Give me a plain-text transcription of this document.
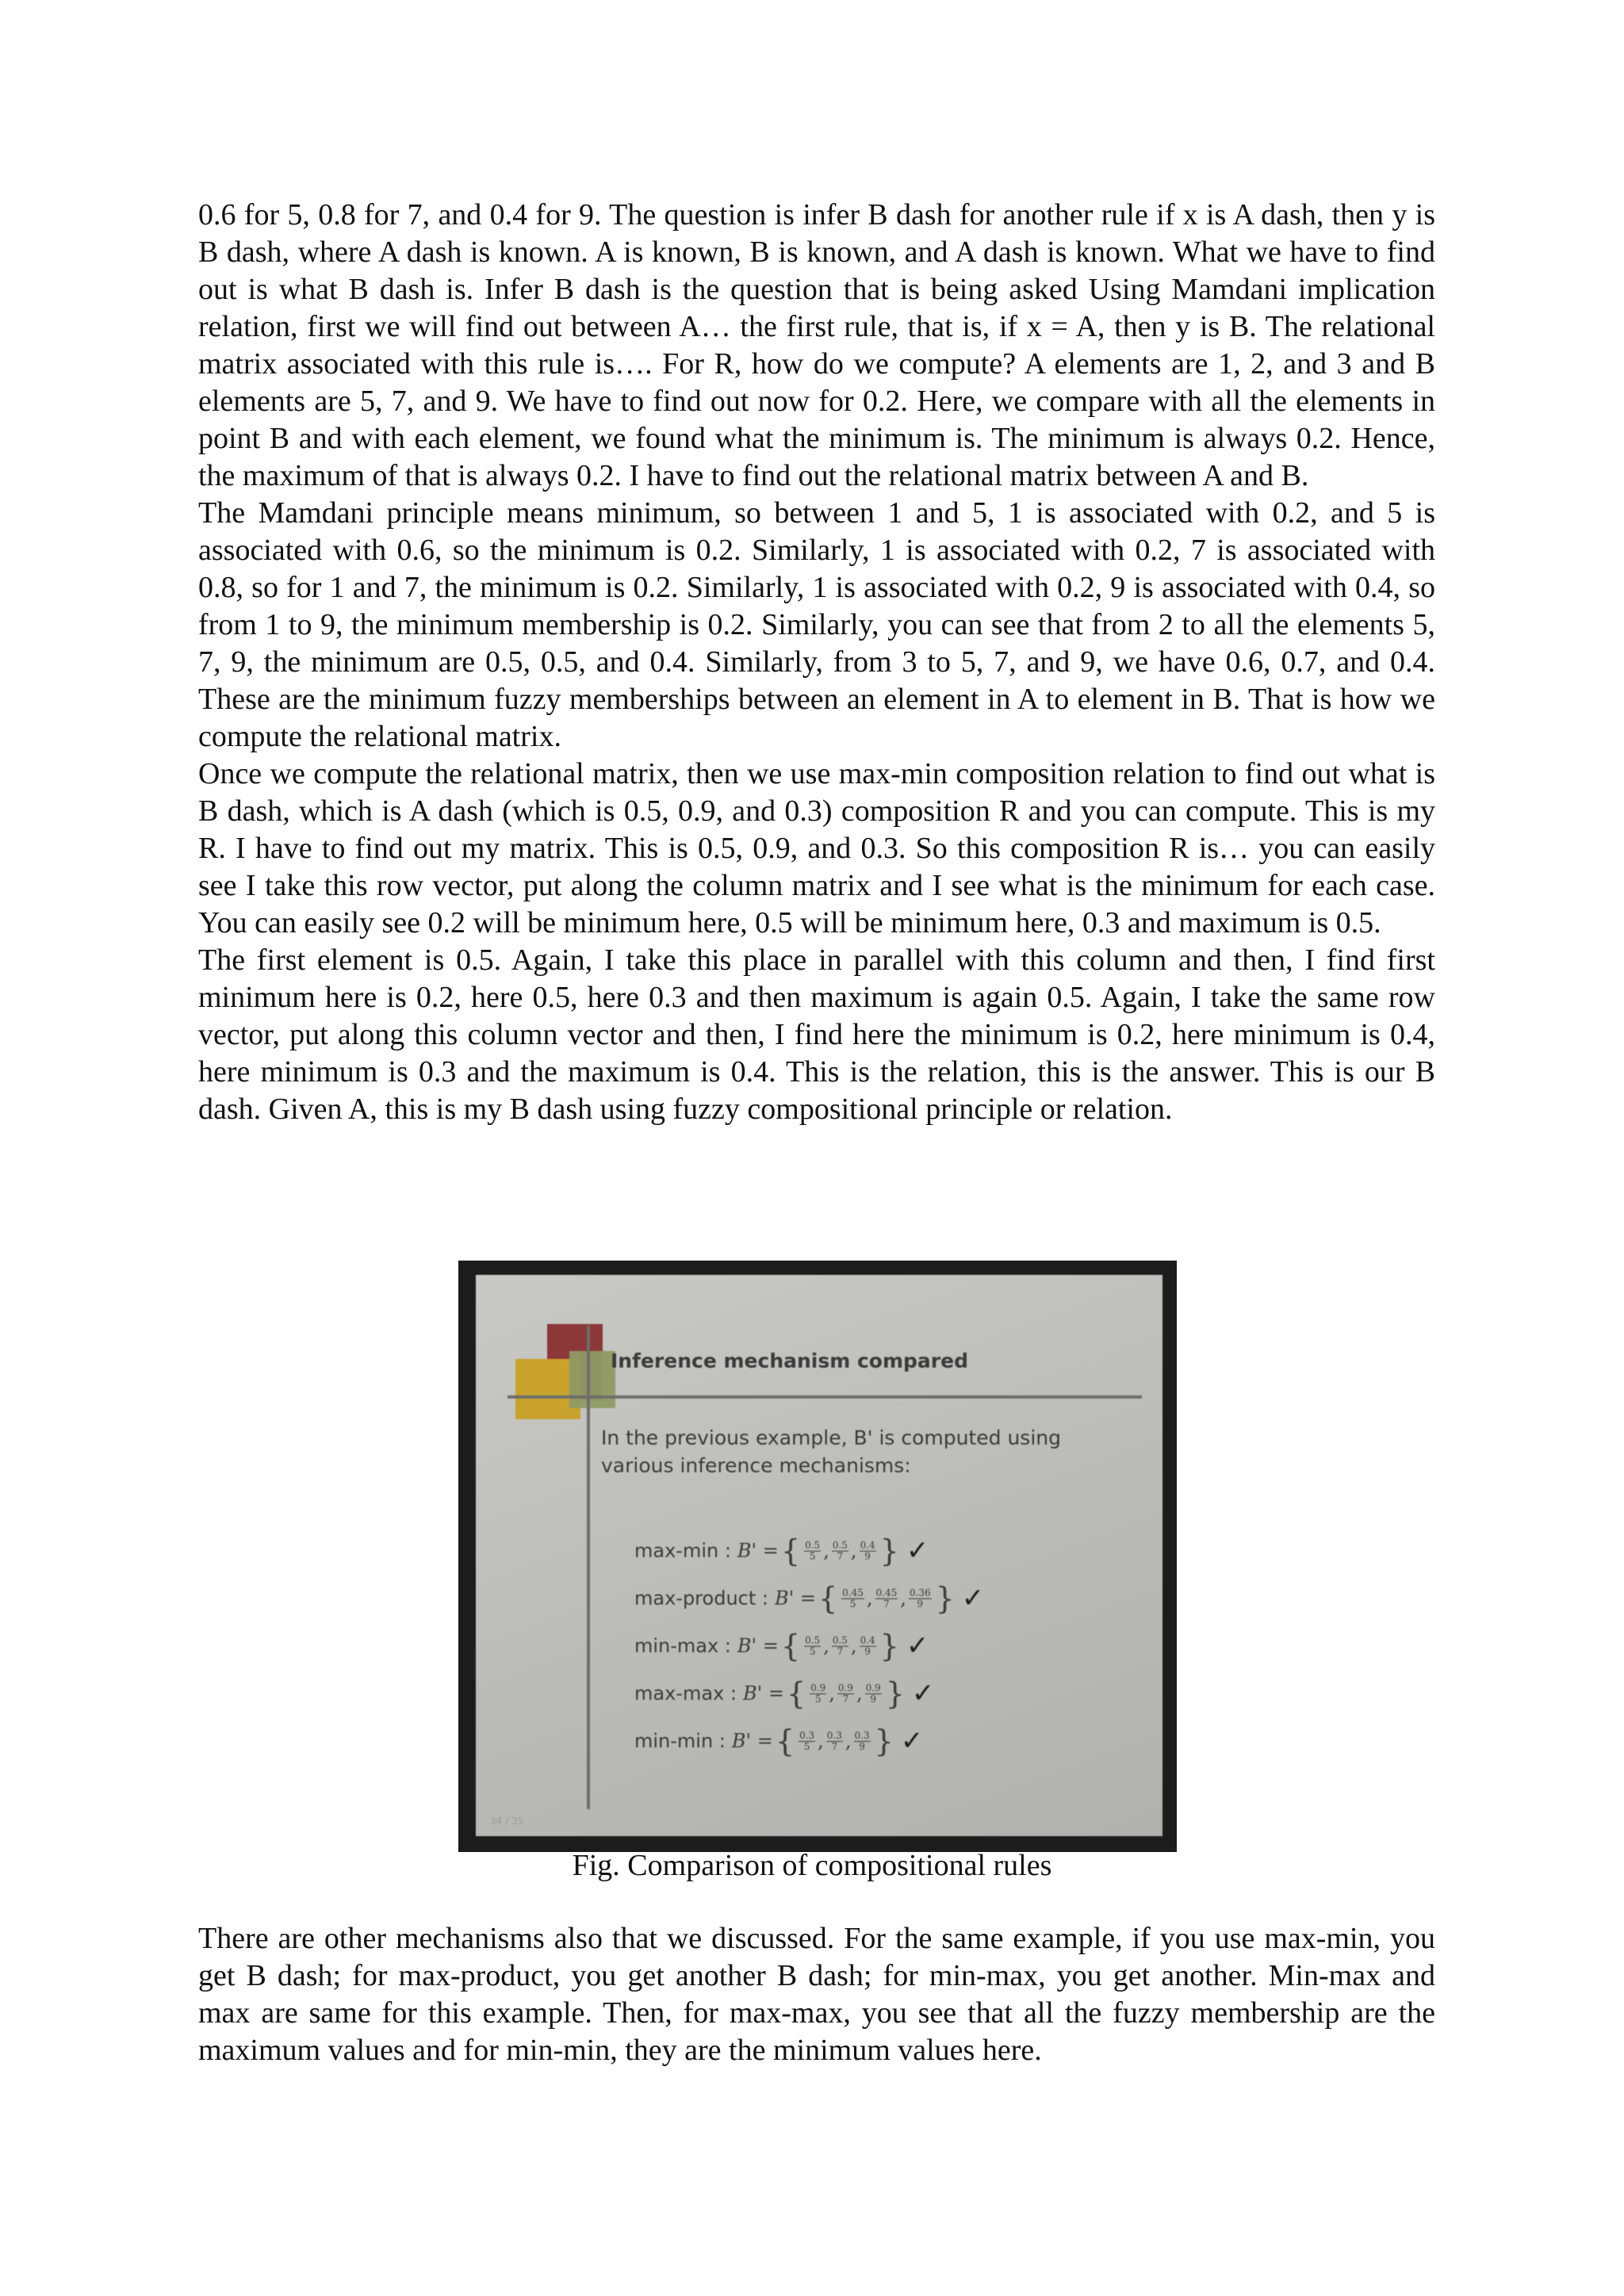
0.6 for 5, 0.8 for 7, and 0.4 for 9. The question is infer B dash for another rule if x is A dash, then y is B dash, where A dash is known. A is known, B is known, and A dash is known. What we have to find out is what B dash is. Infer B dash is the question that is being asked Using Mamdani implication relation, first we will find out between A… the first rule, that is, if x = A, then y is B. The relational matrix associated with this rule is…. For R, how do we compute? A elements are 1, 2, and 3 and B elements are 5, 7, and 9. We have to find out now for 0.2. Here, we compare with all the elements in point B and with each element, we found what the minimum is. The minimum is always 0.2. Hence, the maximum of that is always 0.2. I have to find out the relational matrix between A and B.

The Mamdani principle means minimum, so between 1 and 5, 1 is associated with 0.2, and 5 is associated with 0.6, so the minimum is 0.2. Similarly, 1 is associated with 0.2, 7 is associated with 0.8, so for 1 and 7, the minimum is 0.2. Similarly, 1 is associated with 0.2, 9 is associated with 0.4, so from 1 to 9, the minimum membership is 0.2. Similarly, you can see that from 2 to all the elements 5, 7, 9, the minimum are 0.5, 0.5, and 0.4. Similarly, from 3 to 5, 7, and 9, we have 0.6, 0.7, and 0.4. These are the minimum fuzzy memberships between an element in A to element in B. That is how we compute the relational matrix.

Once we compute the relational matrix, then we use max-min composition relation to find out what is B dash, which is A dash (which is 0.5, 0.9, and 0.3) composition R and you can compute. This is my R. I have to find out my matrix. This is 0.5, 0.9, and 0.3. So this composition R is… you can easily see I take this row vector, put along the column matrix and I see what is the minimum for each case. You can easily see 0.2 will be minimum here, 0.5 will be minimum here, 0.3 and maximum is 0.5.

The first element is 0.5. Again, I take this place in parallel with this column and then, I find first minimum here is 0.2, here 0.5, here 0.3 and then maximum is again 0.5. Again, I take the same row vector, put along this column vector and then, I find here the minimum is 0.2, here minimum is 0.4, here minimum is 0.3 and the maximum is 0.4. This is the relation, this is the answer. This is our B dash. Given A, this is my B dash using fuzzy compositional principle or relation.

Inference mechanism compared
In the previous example, B' is computed using various inference mechanisms:
max-min : B' = { $\frac{0.5}{5}$ , $\frac{0.5}{7}$ , $\frac{0.4}{9}$ } ✓
max-product : B' = { $\frac{0.45}{5}$ , $\frac{0.45}{7}$ , $\frac{0.36}{9}$ } ✓
min-max : B' = { $\frac{0.5}{5}$ , $\frac{0.5}{7}$ , $\frac{0.4}{9}$ } ✓
max-max : B' = { $\frac{0.9}{5}$ , $\frac{0.9}{7}$ , $\frac{0.9}{9}$ } ✓
min-min : B' = { $\frac{0.3}{5}$ , $\frac{0.3}{7}$ , $\frac{0.3}{9}$ } ✓
34 / 35
Fig. Comparison of compositional rules

There are other mechanisms also that we discussed. For the same example, if you use max-min, you get B dash; for max-product, you get another B dash; for min-max, you get another. Min-max and max are same for this example. Then, for max-max, you see that all the fuzzy membership are the maximum values and for min-min, they are the minimum values here.
